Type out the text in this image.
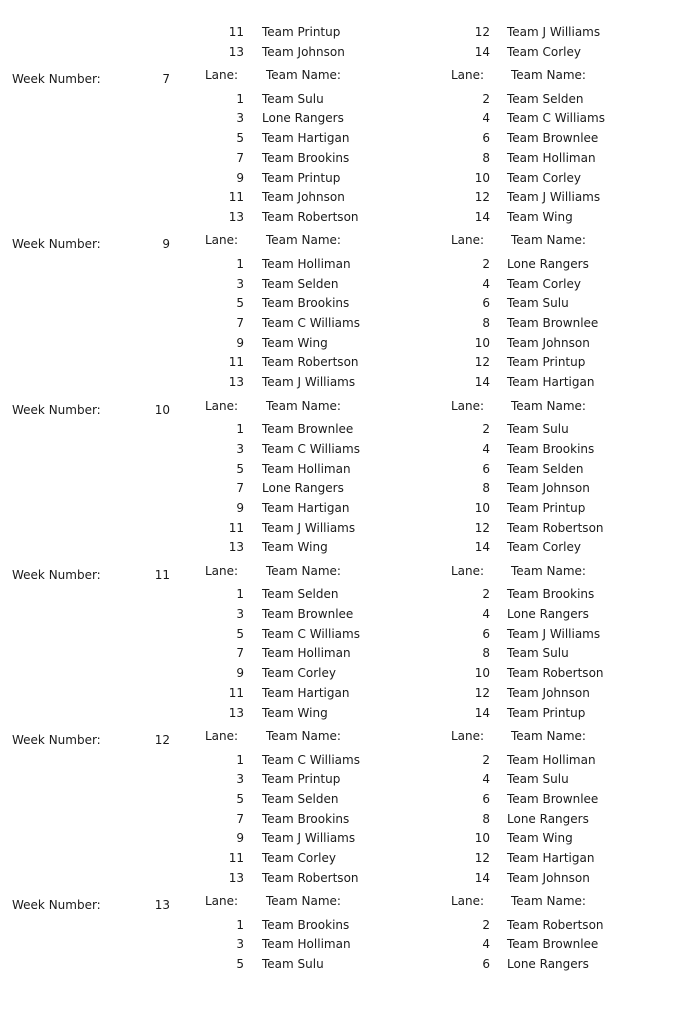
11 Team Printup	12 Team J Williams
13 Team Johnson	14 Team Corley
Week Number:	7	Lane: Team Name:	Lane: Team Name:
1 Team Sulu	2 Team Selden
3 Lone Rangers	4 Team C Williams
5 Team Hartigan	6 Team Brownlee
7 Team Brookins	8 Team Holliman
9 Team Printup	10 Team Corley
11 Team Johnson	12 Team J Williams
13 Team Robertson	14 Team Wing
Week Number:	9	Lane: Team Name:	Lane: Team Name:
1 Team Holliman	2 Lone Rangers
3 Team Selden	4 Team Corley
5 Team Brookins	6 Team Sulu
7 Team C Williams	8 Team Brownlee
9 Team Wing	10 Team Johnson
11 Team Robertson	12 Team Printup
13 Team J Williams	14 Team Hartigan
Week Number:	10	Lane: Team Name:	Lane: Team Name:
1 Team Brownlee	2 Team Sulu
3 Team C Williams	4 Team Brookins
5 Team Holliman	6 Team Selden
7 Lone Rangers	8 Team Johnson
9 Team Hartigan	10 Team Printup
11 Team J Williams	12 Team Robertson
13 Team Wing	14 Team Corley
Week Number:	11	Lane: Team Name:	Lane: Team Name:
1 Team Selden	2 Team Brookins
3 Team Brownlee	4 Lone Rangers
5 Team C Williams	6 Team J Williams
7 Team Holliman	8 Team Sulu
9 Team Corley	10 Team Robertson
11 Team Hartigan	12 Team Johnson
13 Team Wing	14 Team Printup
Week Number:	12	Lane: Team Name:	Lane: Team Name:
1 Team C Williams	2 Team Holliman
3 Team Printup	4 Team Sulu
5 Team Selden	6 Team Brownlee
7 Team Brookins	8 Lone Rangers
9 Team J Williams	10 Team Wing
11 Team Corley	12 Team Hartigan
13 Team Robertson	14 Team Johnson
Week Number:	13	Lane: Team Name:	Lane: Team Name:
1 Team Brookins	2 Team Robertson
3 Team Holliman	4 Team Brownlee
5 Team Sulu	6 Lone Rangers
